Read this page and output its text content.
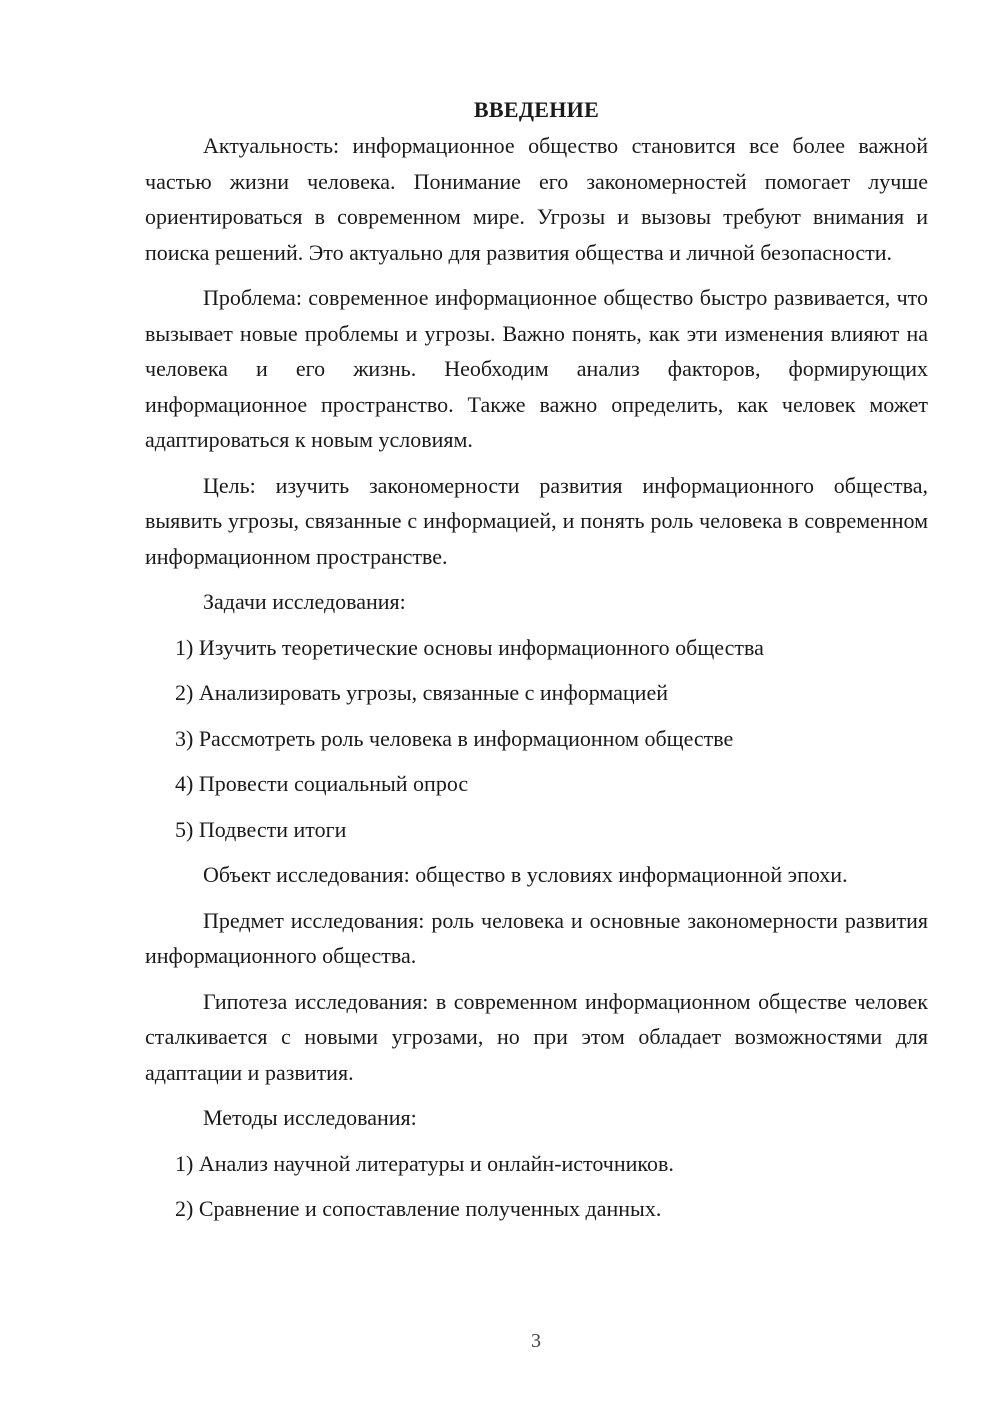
ВВЕДЕНИЕ

Актуальность: информационное общество становится все более важной частью жизни человека. Понимание его закономерностей помогает лучше ориентироваться в современном мире. Угрозы и вызовы требуют внимания и поиска решений. Это актуально для развития общества и личной безопасности.

Проблема: современное информационное общество быстро развивается, что вызывает новые проблемы и угрозы. Важно понять, как эти изменения влияют на человека и его жизнь. Необходим анализ факторов, формирующих информационное пространство. Также важно определить, как человек может адаптироваться к новым условиям.

Цель: изучить закономерности развития информационного общества, выявить угрозы, связанные с информацией, и понять роль человека в современном информационном пространстве.

Задачи исследования:

1) Изучить теоретические основы информационного общества
2) Анализировать угрозы, связанные с информацией
3) Рассмотреть роль человека в информационном обществе
4) Провести социальный опрос
5) Подвести итоги

Объект исследования: общество в условиях информационной эпохи.

Предмет исследования: роль человека и основные закономерности развития информационного общества.

Гипотеза исследования: в современном информационном обществе человек сталкивается с новыми угрозами, но при этом обладает возможностями для адаптации и развития.

Методы исследования:

1) Анализ научной литературы и онлайн-источников.
2) Сравнение и сопоставление полученных данных.
3
